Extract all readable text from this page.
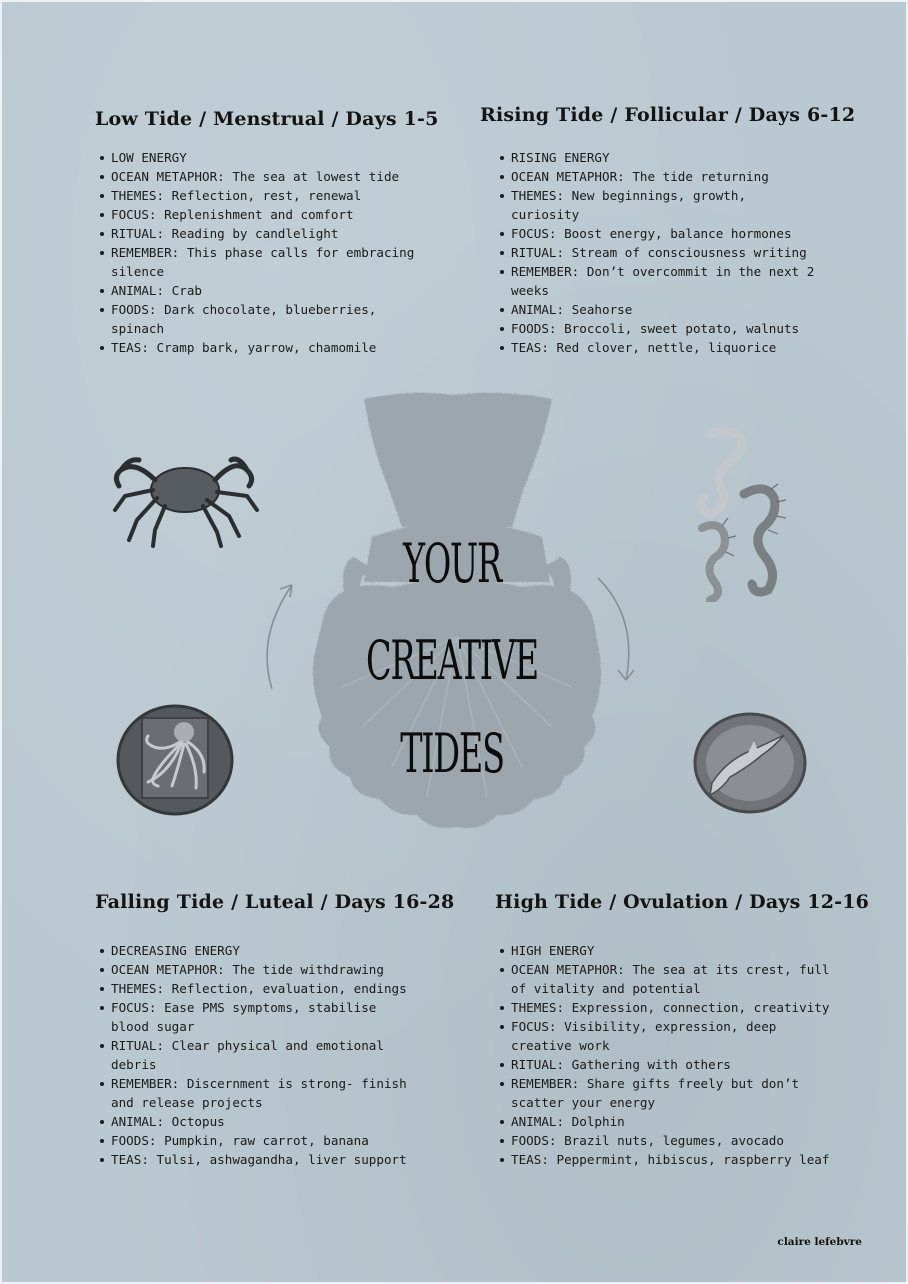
YOUR
CREATIVE
TIDES
Low Tide / Menstrual / Days 1-5
LOW ENERGY
OCEAN METAPHOR: The sea at lowest tide
THEMES: Reflection, rest, renewal
FOCUS: Replenishment and comfort
RITUAL: Reading by candlelight
REMEMBER: This phase calls for embracing silence
ANIMAL: Crab
FOODS: Dark chocolate, blueberries, spinach
TEAS: Cramp bark, yarrow, chamomile
Rising Tide / Follicular / Days 6-12
RISING ENERGY
OCEAN METAPHOR: The tide returning
THEMES: New beginnings, growth, curiosity
FOCUS: Boost energy, balance hormones
RITUAL: Stream of consciousness writing
REMEMBER: Don’t overcommit in the next 2 weeks
ANIMAL: Seahorse
FOODS: Broccoli, sweet potato, walnuts
TEAS: Red clover, nettle, liquorice
Falling Tide / Luteal / Days 16-28
DECREASING ENERGY
OCEAN METAPHOR: The tide withdrawing
THEMES: Reflection, evaluation, endings
FOCUS: Ease PMS symptoms, stabilise blood sugar
RITUAL: Clear physical and emotional debris
REMEMBER: Discernment is strong- finish and release projects
ANIMAL: Octopus
FOODS: Pumpkin, raw carrot, banana
TEAS: Tulsi, ashwagandha, liver support
High Tide / Ovulation / Days 12-16
HIGH ENERGY
OCEAN METAPHOR: The sea at its crest, full of vitality and potential
THEMES: Expression, connection, creativity
FOCUS: Visibility, expression, deep creative work
RITUAL: Gathering with others
REMEMBER: Share gifts freely but don’t scatter your energy
ANIMAL: Dolphin
FOODS: Brazil nuts, legumes, avocado
TEAS: Peppermint, hibiscus, raspberry leaf
claire lefebvre
